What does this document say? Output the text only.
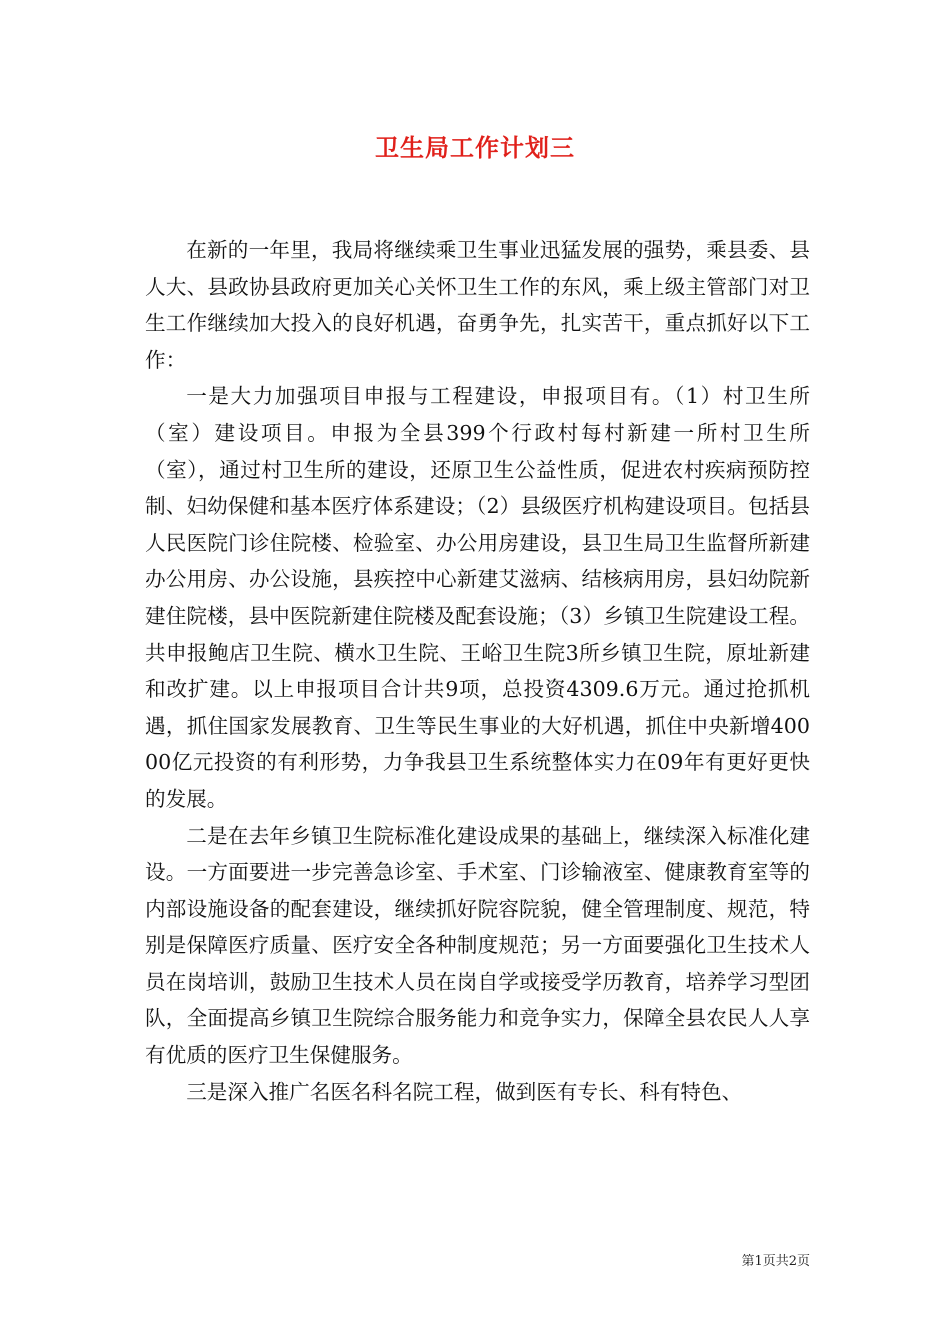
卫生局工作计划三

在新的一年里，我局将继续乘卫生事业迅猛发展的强势，乘县委、县人大、县政协县政府更加关心关怀卫生工作的东风，乘上级主管部门对卫生工作继续加大投入的良好机遇，奋勇争先，扎实苦干，重点抓好以下工作：

一是大力加强项目申报与工程建设，申报项目有。（1）村卫生所（室）建设项目。申报为全县399个行政村每村新建一所村卫生所（室），通过村卫生所的建设，还原卫生公益性质，促进农村疾病预防控制、妇幼保健和基本医疗体系建设；（2）县级医疗机构建设项目。包括县人民医院门诊住院楼、检验室、办公用房建设，县卫生局卫生监督所新建办公用房、办公设施，县疾控中心新建艾滋病、结核病用房，县妇幼院新建住院楼，县中医院新建住院楼及配套设施；（3）乡镇卫生院建设工程。共申报鲍店卫生院、横水卫生院、王峪卫生院3所乡镇卫生院，原址新建和改扩建。以上申报项目合计共9项，总投资4309.6万元。通过抢抓机遇，抓住国家发展教育、卫生等民生事业的大好机遇，抓住中央新增40000亿元投资的有利形势，力争我县卫生系统整体实力在09年有更好更快的发展。

二是在去年乡镇卫生院标准化建设成果的基础上，继续深入标准化建设。一方面要进一步完善急诊室、手术室、门诊输液室、健康教育室等的内部设施设备的配套建设，继续抓好院容院貌，健全管理制度、规范，特别是保障医疗质量、医疗安全各种制度规范；另一方面要强化卫生技术人员在岗培训，鼓励卫生技术人员在岗自学或接受学历教育，培养学习型团队，全面提高乡镇卫生院综合服务能力和竞争实力，保障全县农民人人享有优质的医疗卫生保健服务。

三是深入推广名医名科名院工程，做到医有专长、科有特色、

第1页共2页
